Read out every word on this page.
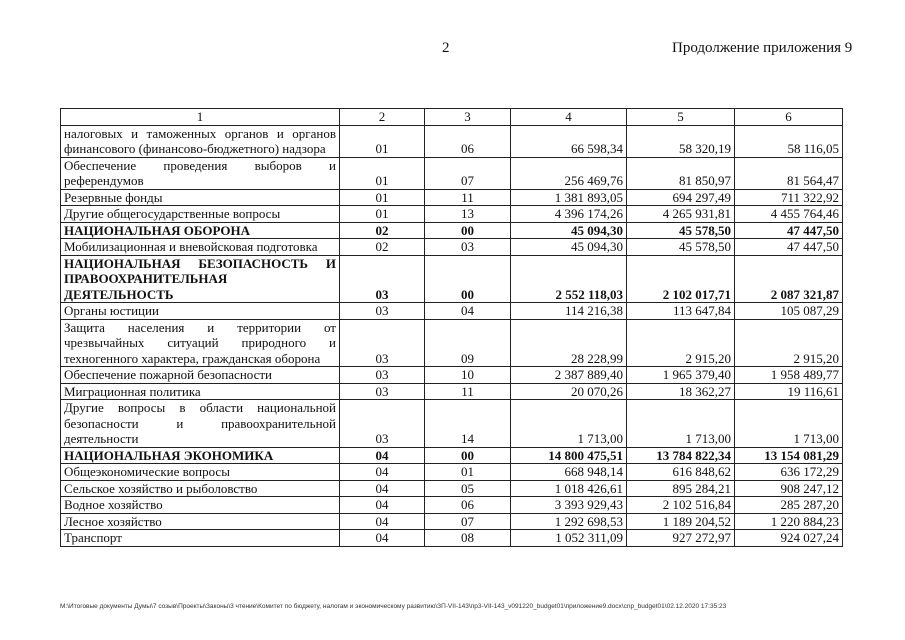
2	Продолжение приложения 9
1	2	3	4	5	6
налоговых и таможенных органов и органов финансового (финансово-бюджетного) надзора	01	06	66 598,34	58 320,19	58 116,05
Обеспечение проведения выборов и референдумов	01	07	256 469,76	81 850,97	81 564,47
Резервные фонды	01	11	1 381 893,05	694 297,49	711 322,92
Другие общегосударственные вопросы	01	13	4 396 174,26	4 265 931,81	4 455 764,46
НАЦИОНАЛЬНАЯ ОБОРОНА	02	00	45 094,30	45 578,50	47 447,50
Мобилизационная и вневойсковая подготовка	02	03	45 094,30	45 578,50	47 447,50
НАЦИОНАЛЬНАЯ БЕЗОПАСНОСТЬ И ПРАВООХРАНИТЕЛЬНАЯ ДЕЯТЕЛЬНОСТЬ	03	00	2 552 118,03	2 102 017,71	2 087 321,87
Органы юстиции	03	04	114 216,38	113 647,84	105 087,29
Защита населения и территории от чрезвычайных ситуаций природного и техногенного характера, гражданская оборона	03	09	28 228,99	2 915,20	2 915,20
Обеспечение пожарной безопасности	03	10	2 387 889,40	1 965 379,40	1 958 489,77
Миграционная политика	03	11	20 070,26	18 362,27	19 116,61
Другие вопросы в области национальной безопасности и правоохранительной деятельности	03	14	1 713,00	1 713,00	1 713,00
НАЦИОНАЛЬНАЯ ЭКОНОМИКА	04	00	14 800 475,51	13 784 822,34	13 154 081,29
Общеэкономические вопросы	04	01	668 948,14	616 848,62	636 172,29
Сельское хозяйство и рыболовство	04	05	1 018 426,61	895 284,21	908 247,12
Водное хозяйство	04	06	3 393 929,43	2 102 516,84	285 287,20
Лесное хозяйство	04	07	1 292 698,53	1 189 204,52	1 220 884,23
Транспорт	04	08	1 052 311,09	927 272,97	924 027,24
M:\Итоговые документы Думы\7 созыв\Проекты\Законы\3 чтение\Комитет по бюджету, налогам и экономическому развитию\ЗП-VII-143\пр3-VII-143_v091220_budget01\приложение9.docx\cnp_budget01\02.12.2020 17:35:23
